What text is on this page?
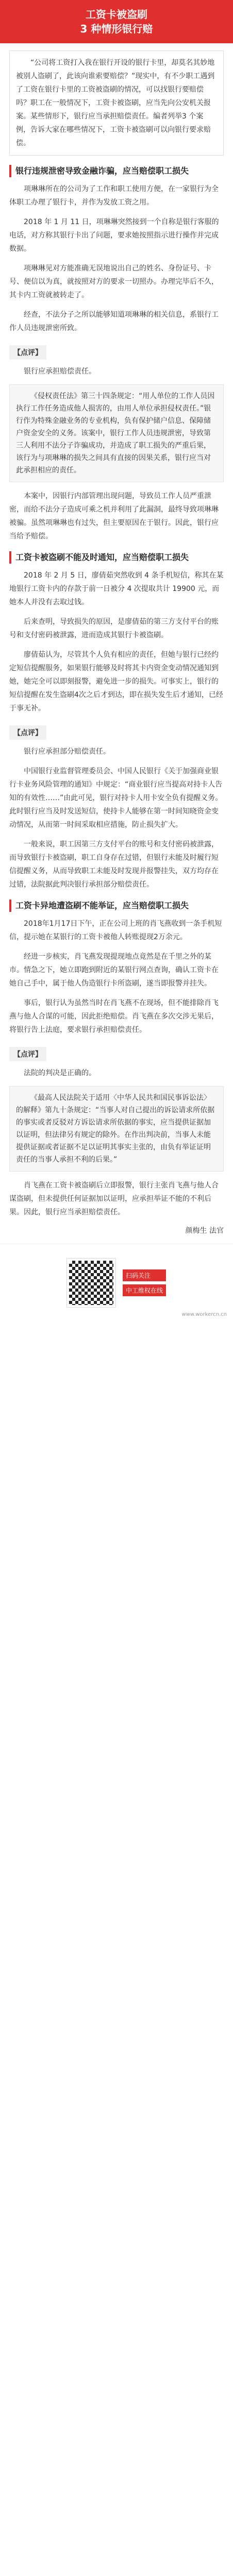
工资卡被盗刷
3 种情形银行赔

“公司将工资打入我在银行开设的银行卡里，却莫名其妙地被别人盗刷了，此该向谁索要赔偿？”现实中，有不少职工遇到了工资在银行卡里的工资被盗刷的情况，可以找银行要赔偿吗？职工在一般情况下，工资卡被盗刷，应当先向公安机关报案。某些情形下，银行应当承担赔偿责任。编者列举3 个案例，告诉大家在哪些情况下，工资卡被盗刷可以向银行要求赔偿。

银行违规泄密导致金融诈骗，应当赔偿职工损失

项琳琳所在的公司为了工作和职工使用方便，在一家银行为全体职工办理了银行卡，并作为发放工资之用。

2018 年 1 月 11 日，项琳琳突然接到一个自称是银行客服的电话，对方称其银行卡出了问题，要求她按照指示进行操作并完成数据。

项琳琳见对方能准确无误地说出自己的姓名、身份证号、卡号、便信以为真，就按照对方的要求一切照办。办理完毕后不久，其卡内工资就被转走了。

经查，不法分子之所以能够知道项琳琳的相关信息，系银行工作人员违规泄密所致。

【点评】

银行应承担赔偿责任。

《侵权责任法》第三十四条规定：“用人单位的工作人员因执行工作任务造成他人损害的，由用人单位承担侵权责任。”银行作为特殊金融业务的专业机构，负有保护储户信息、保障储户资金安全的义务。该案中，银行工作人员违规泄密，导致第三人利用不法分子诈骗成功，并造成了职工损失的严重后果，该行为与项琳琳的损失之间具有直接的因果关系，银行应当对此承担相应的责任。

本案中，因银行内部管理出现问题，导致员工作人员严重泄密，而给不法分子造成可乘之机并利用了此漏洞，最终导致项琳琳被骗。虽然项琳琳也有过失，但主要原因在于银行。因此，银行应当给予赔偿。

工资卡被盗刷不能及时通知，应当赔偿职工损失

2018 年 2 月 5 日，廖倩茹突然收到 4 条手机短信，称其在某地银行工资卡内的存款于前一日被分 4 次提取共计 19900 元，而她本人并没有去取过钱。

后来查明，导致损失的原因，是廖倩茹的第三方支付平台的账号和支付密码被泄露，进而造成其银行卡被盗刷。

廖倩茹认为，尽管其个人负有相应的责任，但她与银行已经约定短信提醒服务，如果银行能够及时将其卡内资金变动情况通知到她，她完全可以即刻报警，避免进一步的损失。可事实上，银行的短信提醒在发生盗刷4次之后才到达，即在损失发生后才通知，已经于事无补。

【点评】

银行应承担部分赔偿责任。

中国银行业监督管理委员会、中国人民银行《关于加强商业银行卡业务风险管理的通知》中规定：“商业银行应当提高对持卡人告知的有效性……”由此可见，银行对持卡人用卡安全负有提醒义务。此时银行应当及时发送短信，使持卡人能够在第一时间知晓资金变动情况，从而第一时间采取相应措施，防止损失扩大。

一般来说，职工因第三方支付平台的账号和支付密码被泄露，而导致银行卡被盗刷，职工自身存在过错，但银行未能及时履行短信提醒义务，从而导致职工未能及时发现并报警挂失，双方均存在过错，法院据此判决银行承担部分赔偿责任。

工资卡异地遭盗刷不能举证，应当赔偿职工损失

2018年1月17日下午，正在公司上班的肖飞燕收到一条手机短信，提示她在某银行的工资卡被他人转账提现2万余元。

经进一步核实，肖飞燕发现提现地点竟然是在千里之外的某市。情急之下，她立即跑到附近的某银行网点查询，确认工资卡在她自己手中，属于他人伪造银行卡所盗刷，遂当即报警并挂失。

事后，银行认为虽然当时在肖飞燕不在现场，但不能排除肖飞燕与他人合谋的可能，因此拒绝赔偿。肖飞燕在多次交涉无果后，将银行告上法庭，要求银行承担赔偿责任。

【点评】

法院的判决是正确的。

《最高人民法院关于适用〈中华人民共和国民事诉讼法〉的解释》第九十条规定：“当事人对自己提出的诉讼请求所依据的事实或者反驳对方诉讼请求所依据的事实，应当提供证据加以证明，但法律另有规定的除外。在作出判决前，当事人未能提供证据或者证据不足以证明其事实主张的，由负有举证证明责任的当事人承担不利的后果。”

肖飞燕在工资卡被盗刷后立即报警，银行主张肖飞燕与他人合谋盗刷，但未提供任何证据加以证明，应承担举证不能的不利后果。因此，银行应当承担赔偿责任。

颜梅生 法官
扫码关注
中工维权在线
www.workercn.cn
